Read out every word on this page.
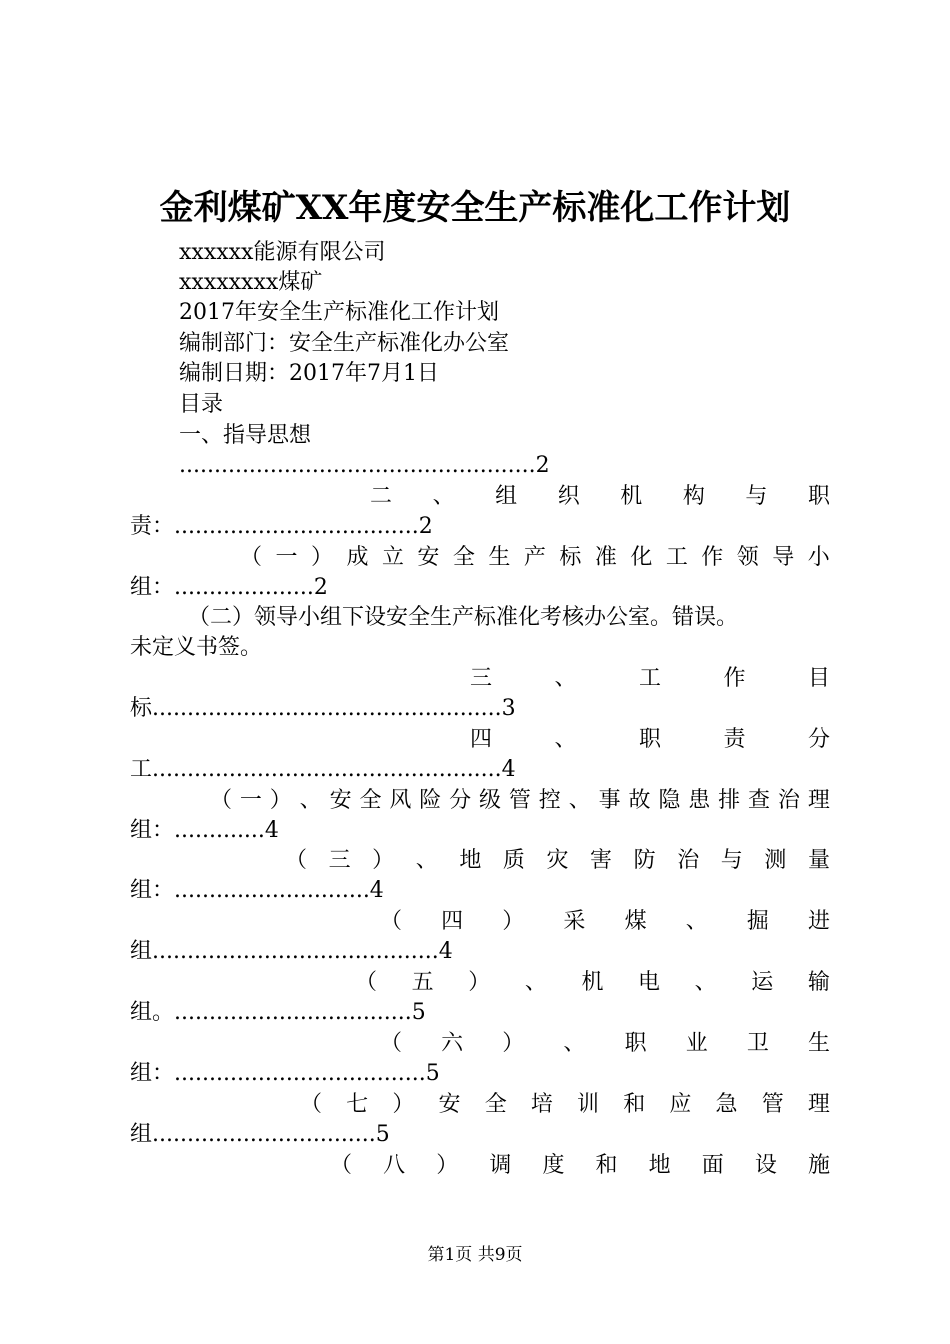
金利煤矿XX年度安全生产标准化工作计划
xxxxxx能源有限公司
xxxxxxxx煤矿
2017年安全生产标准化工作计划
编制部门：安全生产标准化办公室
编制日期：2017年7月1日
目录
一、指导思想
...................................................2
二 、 组 织 机 构 与 职
责：...................................2
（ 一 ） 成 立 安 全 生 产 标 准 化 工 作 领 导 小
组：....................2
（二）领导小组下设安全生产标准化考核办公室。错误。
未定义书签。
三	、	工	作	目
标..................................................3
四	、	职	责	分
工..................................................4
（ 一 ） 、 安 全 风 险 分 级 管 控 、 事 故 隐 患 排 查 治 理
组：.............4
（ 三 ） 、 地 质 灾 害 防 治 与 测 量
组：............................4
（ 四 ） 采 煤 、 掘 进
组.........................................4
（ 五 ） 、 机 电 、 运 输
组。..................................5
（ 六 ） 、 职 业 卫 生
组：....................................5
（ 七 ） 安 全 培 训 和 应 急 管 理
组................................5
（ 八 ） 调 度 和 地 面 设 施
第1页 共9页
